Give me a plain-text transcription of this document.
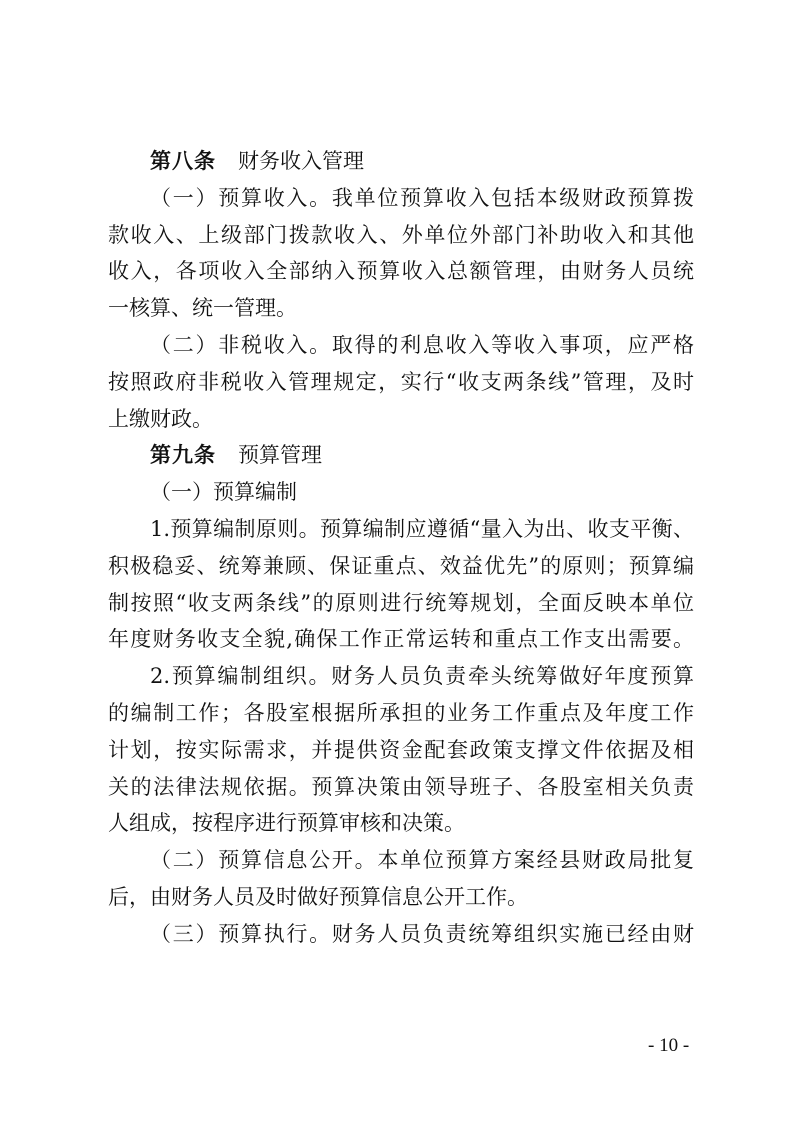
第八条 财务收入管理
（一）预算收入。我单位预算收入包括本级财政预算拨
款收入、上级部门拨款收入、外单位外部门补助收入和其他
收入，各项收入全部纳入预算收入总额管理，由财务人员统
一核算、统一管理。
（二）非税收入。取得的利息收入等收入事项，应严格
按照政府非税收入管理规定，实行“收支两条线”管理，及时
上缴财政。
第九条 预算管理
（一）预算编制
1.预算编制原则。预算编制应遵循“量入为出、收支平衡、
积极稳妥、统筹兼顾、保证重点、效益优先”的原则；预算编
制按照“收支两条线”的原则进行统筹规划，全面反映本单位
年度财务收支全貌,确保工作正常运转和重点工作支出需要。
2.预算编制组织。财务人员负责牵头统筹做好年度预算
的编制工作；各股室根据所承担的业务工作重点及年度工作
计划，按实际需求，并提供资金配套政策支撑文件依据及相
关的法律法规依据。预算决策由领导班子、各股室相关负责
人组成，按程序进行预算审核和决策。
（二）预算信息公开。本单位预算方案经县财政局批复
后，由财务人员及时做好预算信息公开工作。
（三）预算执行。财务人员负责统筹组织实施已经由财
- 10 -
